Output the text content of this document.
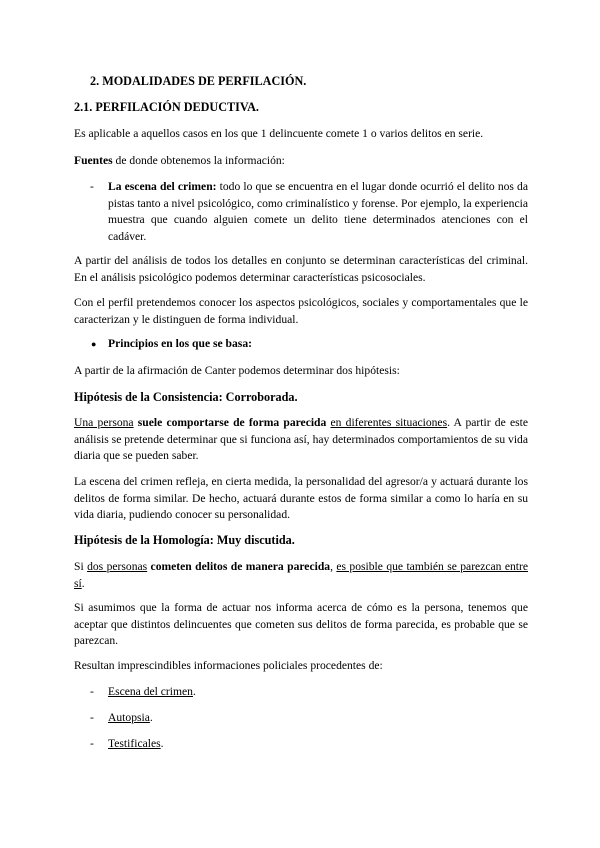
2. MODALIDADES DE PERFILACIÓN.
2.1. PERFILACIÓN DEDUCTIVA.
Es aplicable a aquellos casos en los que 1 delincuente comete 1 o varios delitos en serie.
Fuentes de donde obtenemos la información:
- La escena del crimen: todo lo que se encuentra en el lugar donde ocurrió el delito nos da pistas tanto a nivel psicológico, como criminalístico y forense. Por ejemplo, la experiencia muestra que cuando alguien comete un delito tiene determinados atenciones con el cadáver.
A partir del análisis de todos los detalles en conjunto se determinan características del criminal. En el análisis psicológico podemos determinar características psicosociales.
Con el perfil pretendemos conocer los aspectos psicológicos, sociales y comportamentales que le caracterizan y le distinguen de forma individual.
● Principios en los que se basa:
A partir de la afirmación de Canter podemos determinar dos hipótesis:
Hipótesis de la Consistencia: Corroborada.
Una persona suele comportarse de forma parecida en diferentes situaciones. A partir de este análisis se pretende determinar que si funciona así, hay determinados comportamientos de su vida diaria que se pueden saber.
La escena del crimen refleja, en cierta medida, la personalidad del agresor/a y actuará durante los delitos de forma similar. De hecho, actuará durante estos de forma similar a como lo haría en su vida diaria, pudiendo conocer su personalidad.
Hipótesis de la Homología: Muy discutida.
Si dos personas cometen delitos de manera parecida, es posible que también se parezcan entre sí.
Si asumimos que la forma de actuar nos informa acerca de cómo es la persona, tenemos que aceptar que distintos delincuentes que cometen sus delitos de forma parecida, es probable que se parezcan.
Resultan imprescindibles informaciones policiales procedentes de:
- Escena del crimen.
- Autopsia.
- Testificales.
